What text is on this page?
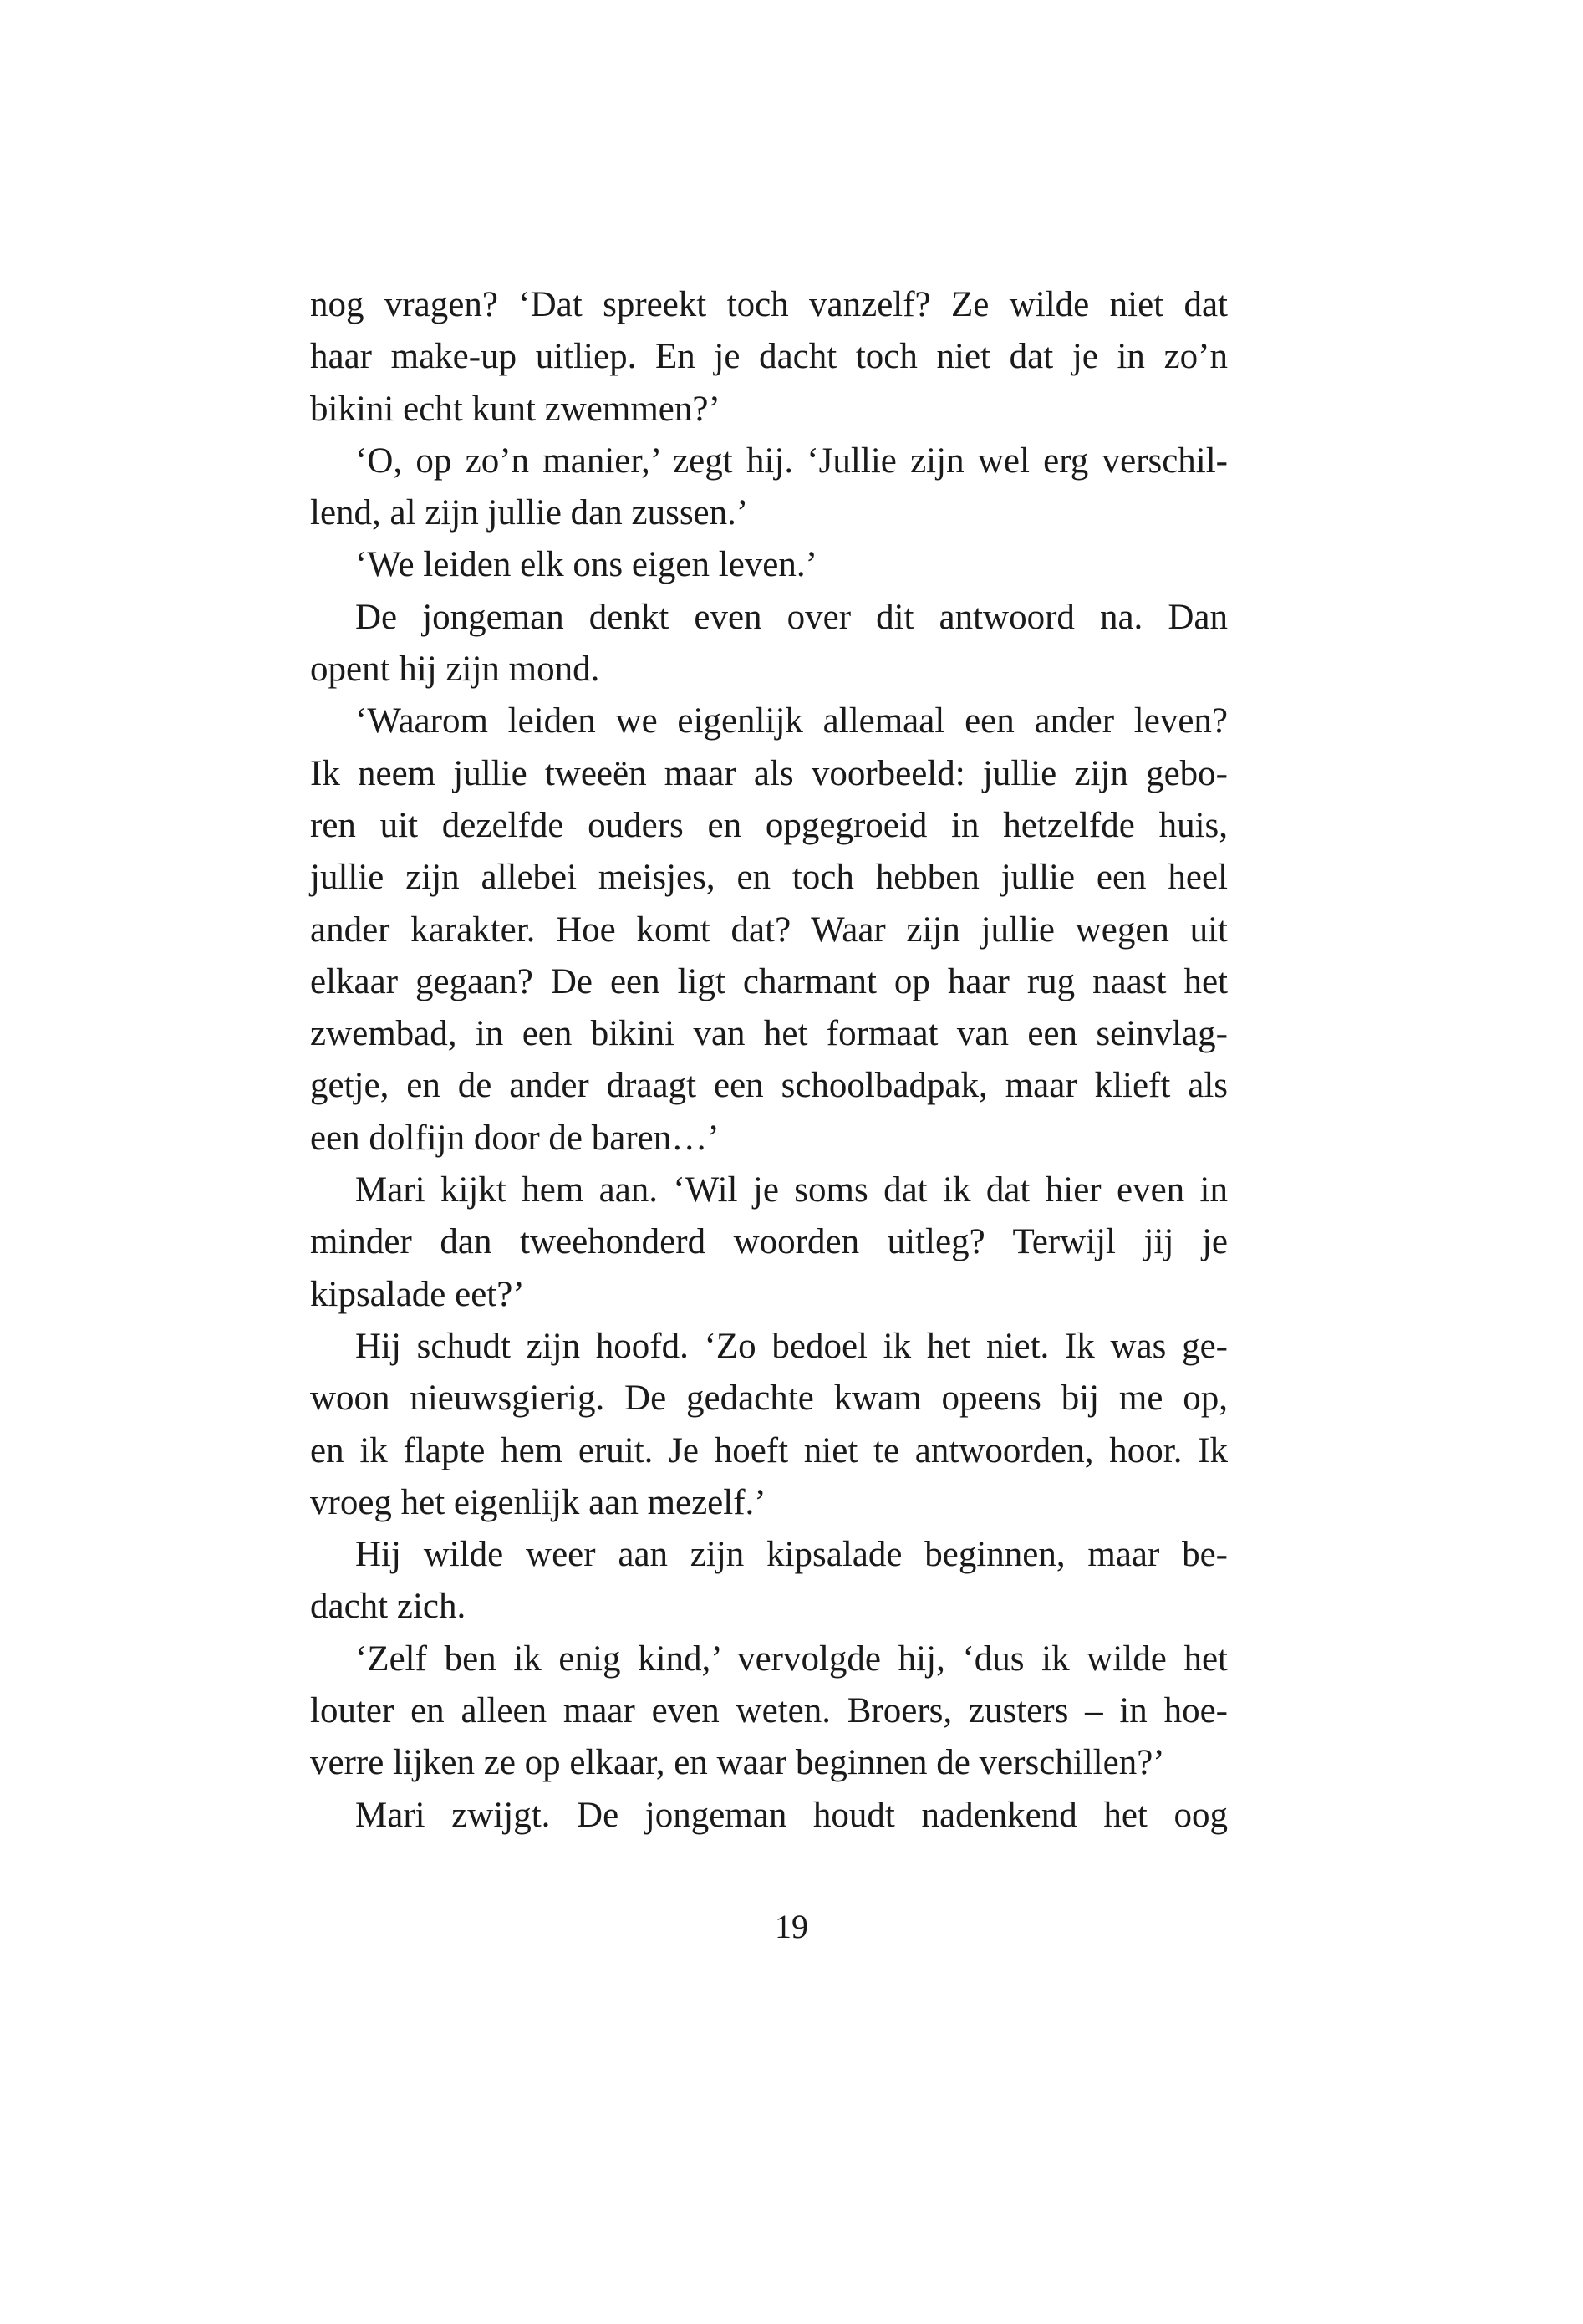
nog vragen? ‘Dat spreekt toch vanzelf? Ze wilde niet dat
haar make-up uitliep. En je dacht toch niet dat je in zo’n
bikini echt kunt zwemmen?’
‘O, op zo’n manier,’ zegt hij. ‘Jullie zijn wel erg verschil-
lend, al zijn jullie dan zussen.’
‘We leiden elk ons eigen leven.’
De jongeman denkt even over dit antwoord na. Dan
opent hij zijn mond.
‘Waarom leiden we eigenlijk allemaal een ander leven?
Ik neem jullie tweeën maar als voorbeeld: jullie zijn gebo-
ren uit dezelfde ouders en opgegroeid in hetzelfde huis,
jullie zijn allebei meisjes, en toch hebben jullie een heel
ander karakter. Hoe komt dat? Waar zijn jullie wegen uit
elkaar gegaan? De een ligt charmant op haar rug naast het
zwembad, in een bikini van het formaat van een seinvlag-
getje, en de ander draagt een schoolbadpak, maar klieft als
een dolfijn door de baren…’
Mari kijkt hem aan. ‘Wil je soms dat ik dat hier even in
minder dan tweehonderd woorden uitleg? Terwijl jij je
kipsalade eet?’
Hij schudt zijn hoofd. ‘Zo bedoel ik het niet. Ik was ge-
woon nieuwsgierig. De gedachte kwam opeens bij me op,
en ik flapte hem eruit. Je hoeft niet te antwoorden, hoor. Ik
vroeg het eigenlijk aan mezelf.’
Hij wilde weer aan zijn kipsalade beginnen, maar be-
dacht zich.
‘Zelf ben ik enig kind,’ vervolgde hij, ‘dus ik wilde het
louter en alleen maar even weten. Broers, zusters – in hoe-
verre lijken ze op elkaar, en waar beginnen de verschillen?’
Mari zwijgt. De jongeman houdt nadenkend het oog
19
